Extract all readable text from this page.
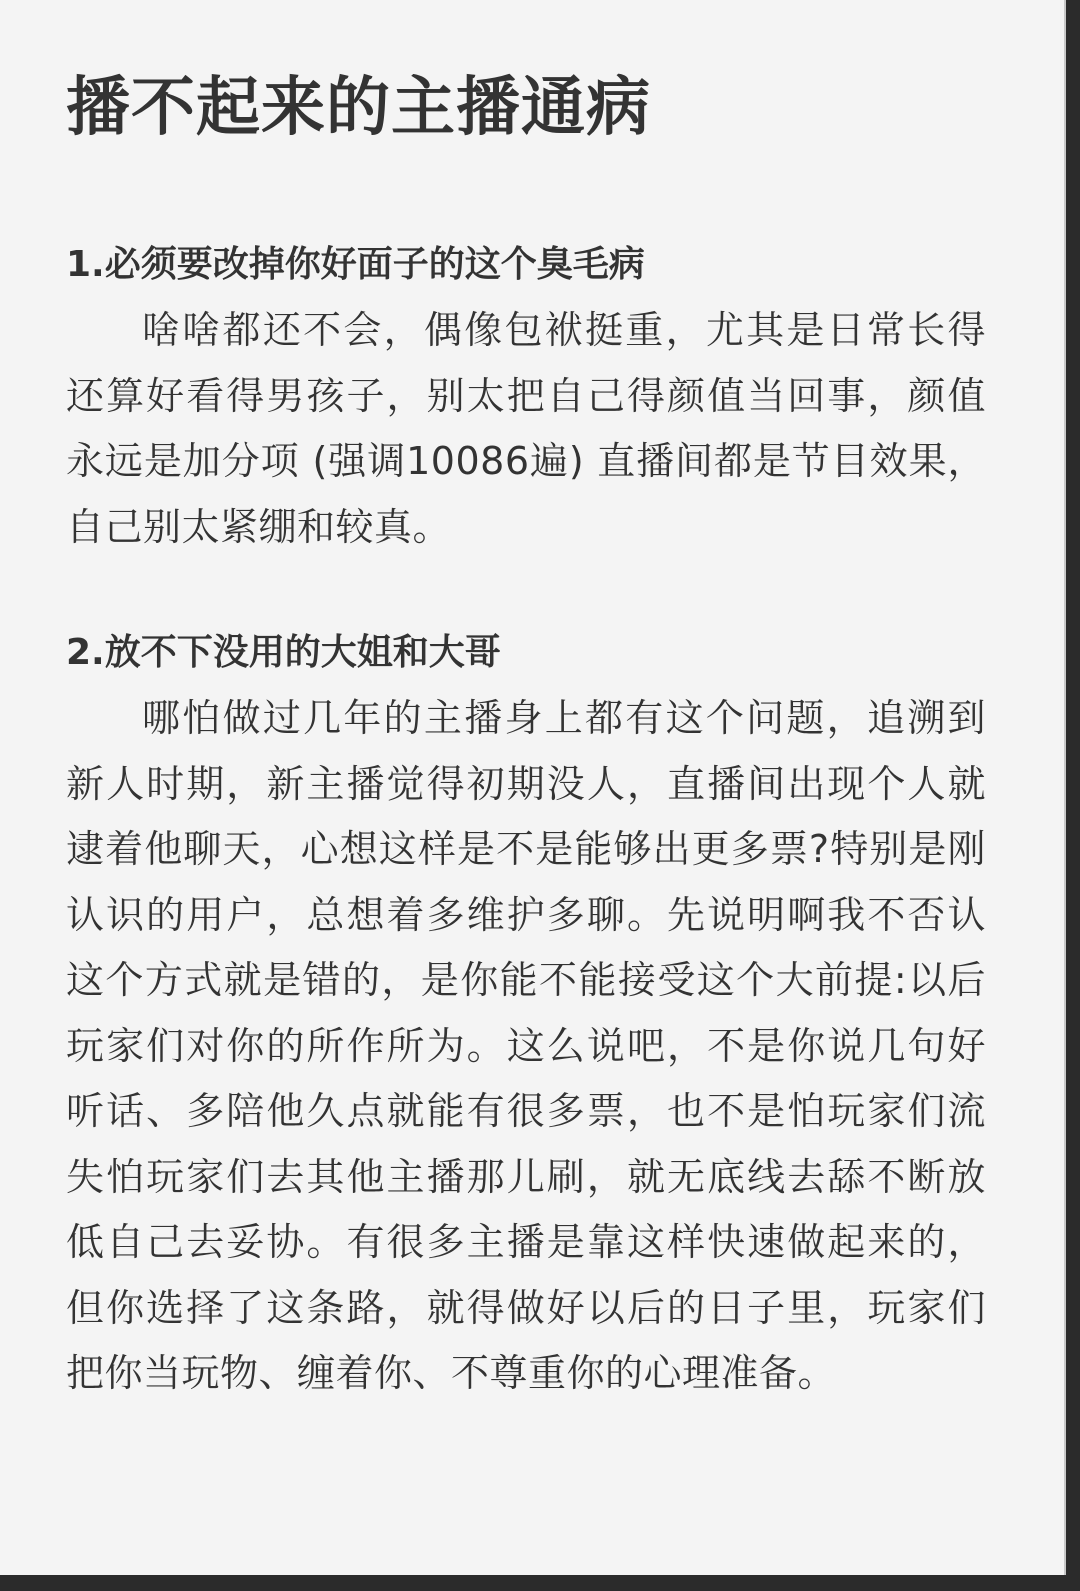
播不起来的主播通病
1.必须要改掉你好面子的这个臭毛病

啥啥都还不会，偶像包袱挺重，尤其是日常长得还算好看得男孩子，别太把自己得颜值当回事，颜值永远是加分项 (强调10086遍) 直播间都是节目效果，自己别太紧绷和较真。

2.放不下没用的大姐和大哥

哪怕做过几年的主播身上都有这个问题，追溯到新人时期，新主播觉得初期没人，直播间出现个人就逮着他聊天，心想这样是不是能够出更多票?特别是刚认识的用户，总想着多维护多聊。先说明啊我不否认这个方式就是错的，是你能不能接受这个大前提:以后玩家们对你的所作所为。这么说吧，不是你说几句好听话、多陪他久点就能有很多票，也不是怕玩家们流失怕玩家们去其他主播那儿刷，就无底线去舔不断放低自己去妥协。有很多主播是靠这样快速做起来的，但你选择了这条路，就得做好以后的日子里，玩家们把你当玩物、缠着你、不尊重你的心理准备。
